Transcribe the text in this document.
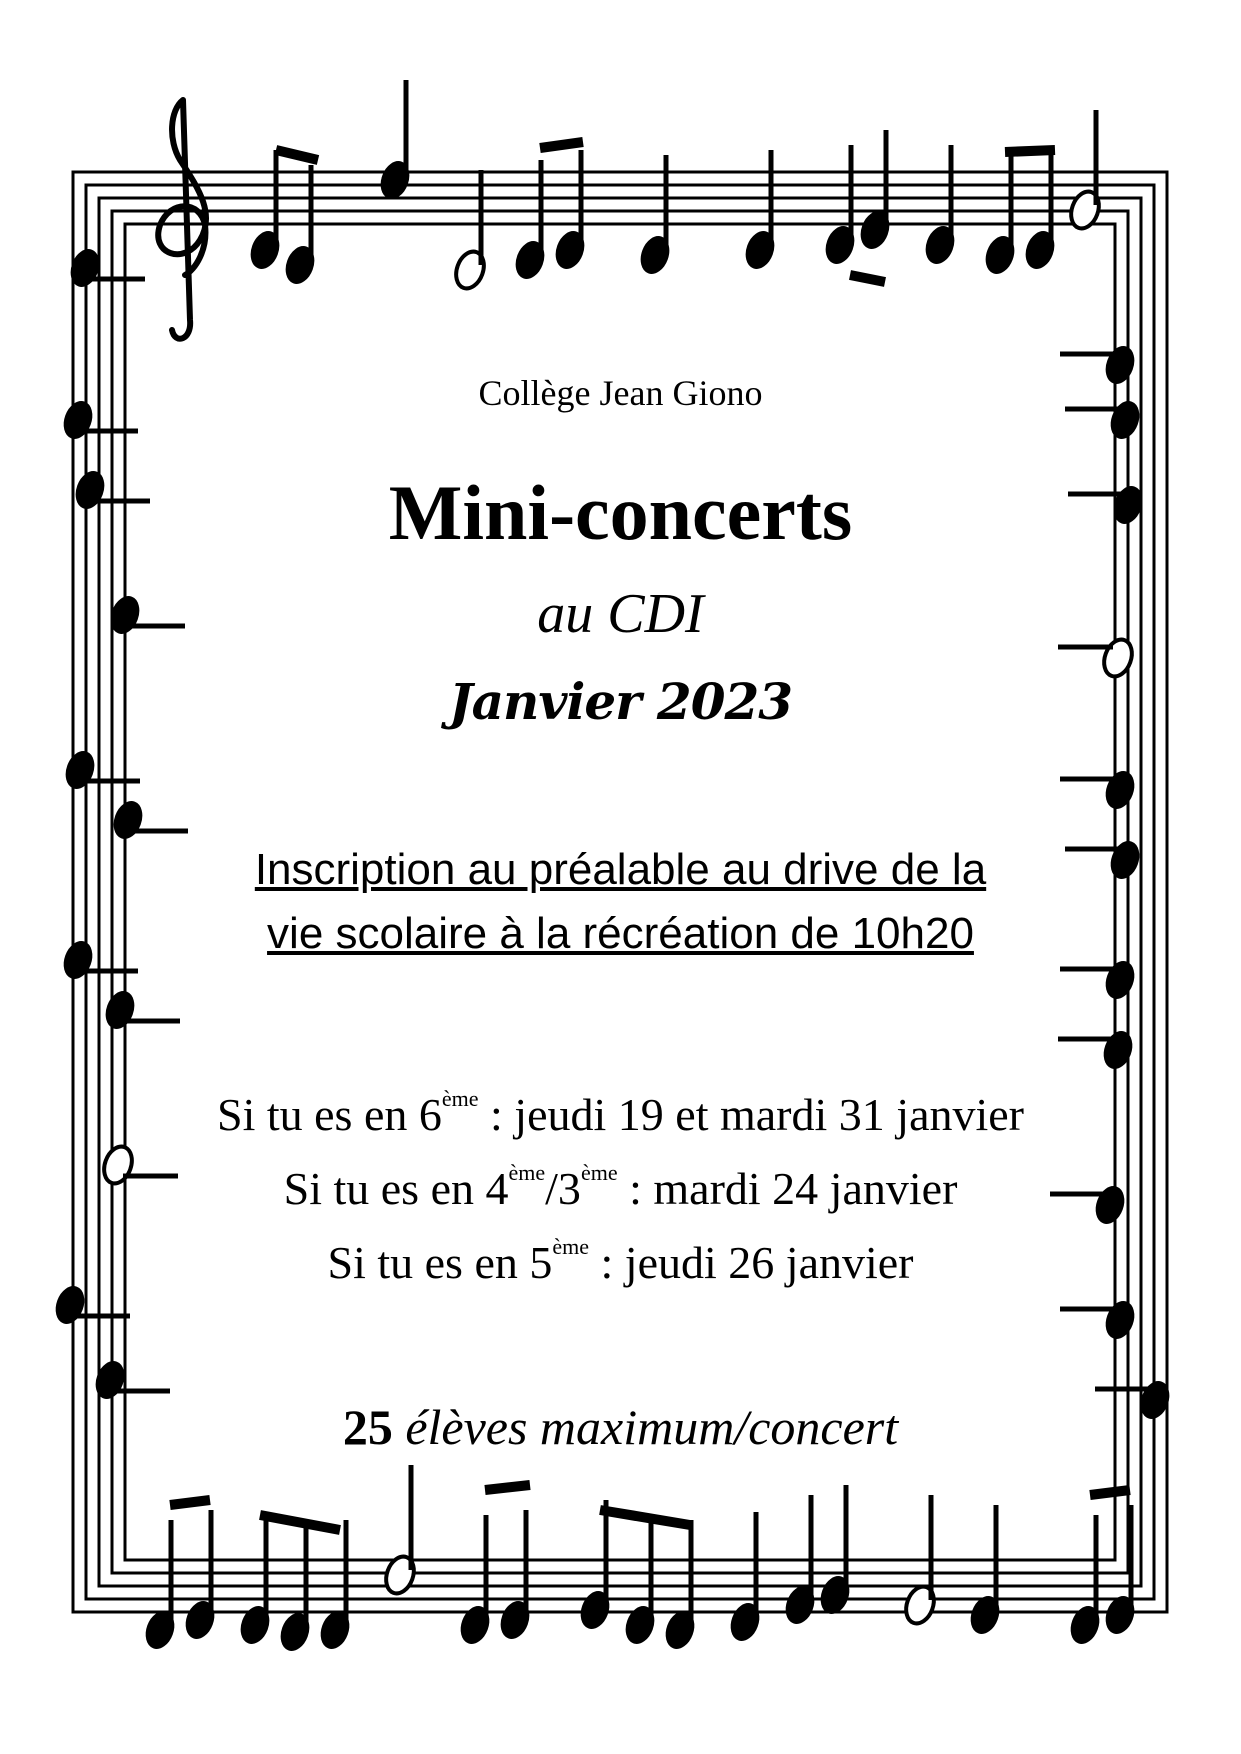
Collège Jean Giono
Mini-concerts
au CDI
Janvier 2023
Inscription au préalable au drive de la
vie scolaire à la récréation de 10h20
Si tu es en 6ème : jeudi 19 et mardi 31 janvier
Si tu es en 4ème/3ème : mardi 24 janvier
Si tu es en 5ème : jeudi 26 janvier
25 élèves maximum/concert
